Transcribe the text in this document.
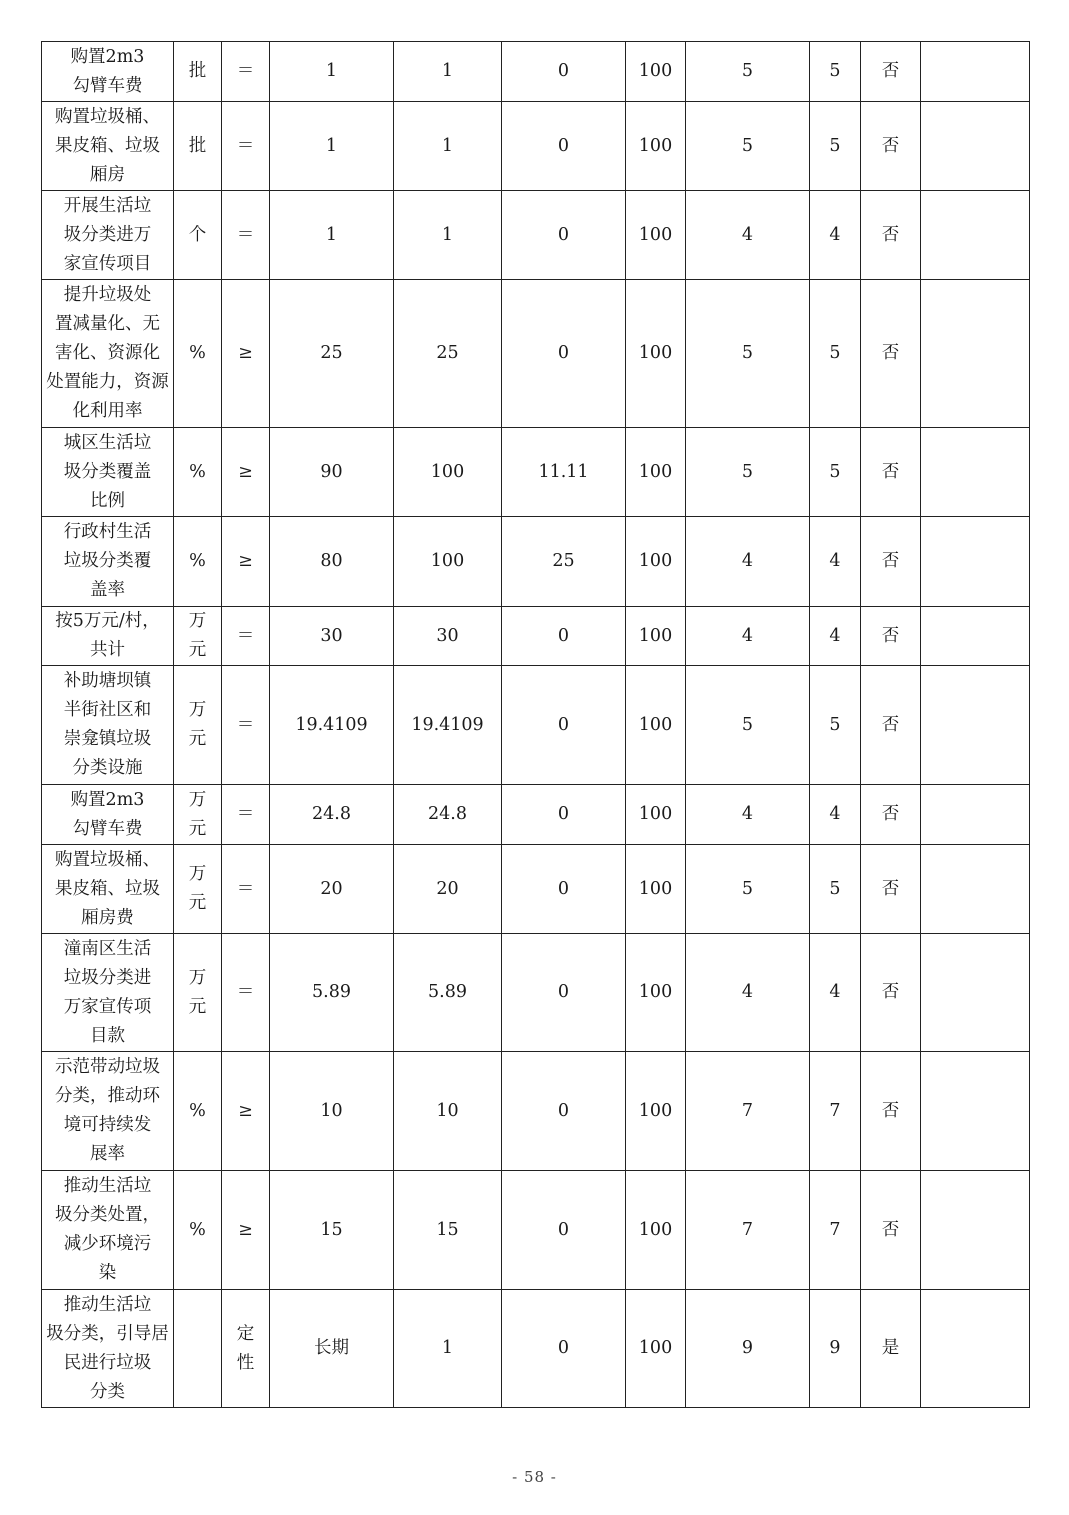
购置2m3
勾臂车费	批	＝	1	1	0	100	5	5	否	

购置垃圾桶、
果皮箱、垃圾
厢房	批	＝	1	1	0	100	5	5	否	

开展生活垃
圾分类进万
家宣传项目	个	＝	1	1	0	100	4	4	否	

提升垃圾处
置减量化、无
害化、资源化
处置能力，资源
化利用率	%	≥	25	25	0	100	5	5	否	

城区生活垃
圾分类覆盖
比例	%	≥	90	100	11.11	100	5	5	否	

行政村生活
垃圾分类覆
盖率	%	≥	80	100	25	100	4	4	否	

按5万元/村，
共计	万
元	＝	30	30	0	100	4	4	否	

补助塘坝镇
半街社区和
崇龛镇垃圾
分类设施	万
元	＝	19.4109	19.4109	0	100	5	5	否	

购置2m3
勾臂车费	万
元	＝	24.8	24.8	0	100	4	4	否	

购置垃圾桶、
果皮箱、垃圾
厢房费	万
元	＝	20	20	0	100	5	5	否	

潼南区生活
垃圾分类进
万家宣传项
目款	万
元	＝	5.89	5.89	0	100	4	4	否	

示范带动垃圾
分类，推动环
境可持续发
展率	%	≥	10	10	0	100	7	7	否	

推动生活垃
圾分类处置，
减少环境污
染	%	≥	15	15	0	100	7	7	否	

推动生活垃
圾分类，引导居
民进行垃圾
分类		定
性	长期	1	0	100	9	9	是	
- 58 -
